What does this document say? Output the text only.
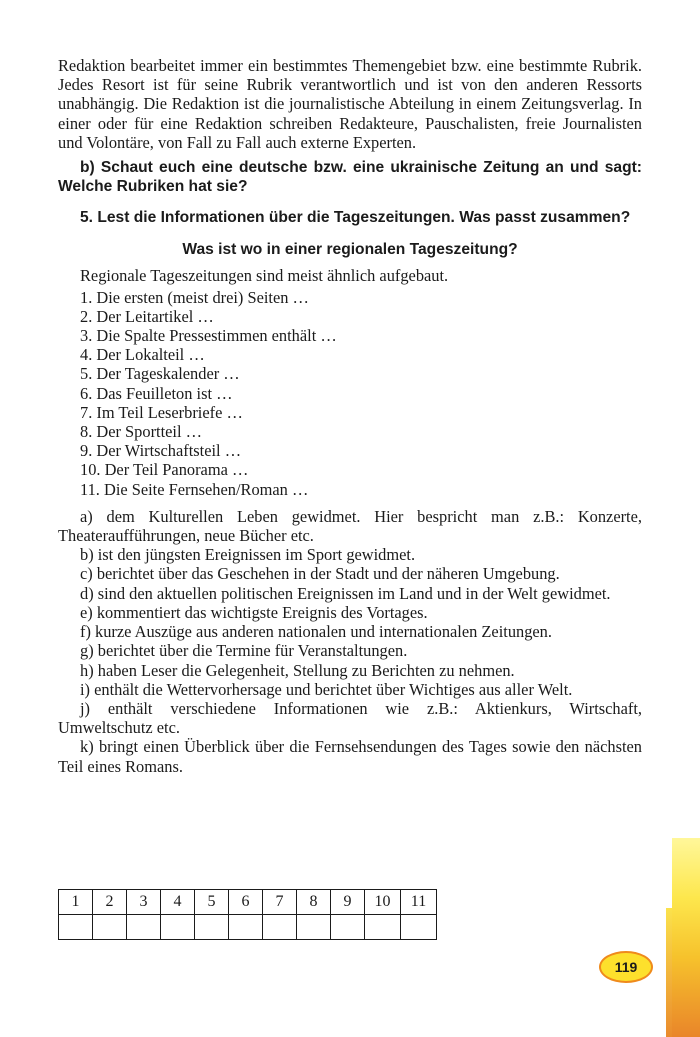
Redaktion bearbeitet immer ein bestimmtes Themengebiet bzw. eine bestimmte Rubrik. Jedes Resort ist für seine Rubrik verantwortlich und ist von den anderen Ressorts unabhängig. Die Redaktion ist die journalistische Abteilung in einem Zeitungsverlag. In einer oder für eine Redaktion schreiben Redakteure, Pauschalisten, freie Journalisten und Volontäre, von Fall zu Fall auch externe Experten.

b) Schaut euch eine deutsche bzw. eine ukrainische Zeitung an und sagt: Welche Rubriken hat sie?

5. Lest die Informationen über die Tageszeitungen. Was passt zusammen?

Was ist wo in einer regionalen Tageszeitung?

Regionale Tageszeitungen sind meist ähnlich aufgebaut.

1. Die ersten (meist drei) Seiten …
2. Der Leitartikel …
3. Die Spalte Pressestimmen enthält …
4. Der Lokalteil …
5. Der Tageskalender …
6. Das Feuilleton ist …
7. Im Teil Leserbriefe …
8. Der Sportteil …
9. Der Wirtschaftsteil …
10. Der Teil Panorama …
11. Die Seite Fernsehen/Roman …

a) dem Kulturellen Leben gewidmet. Hier bespricht man z.B.: Konzerte, Theateraufführungen, neue Bücher etc.

b) ist den jüngsten Ereignissen im Sport gewidmet.

c) berichtet über das Geschehen in der Stadt und der näheren Umgebung.

d) sind den aktuellen politischen Ereignissen im Land und in der Welt gewidmet.

e) kommentiert das wichtigste Ereignis des Vortages.

f) kurze Auszüge aus anderen nationalen und internationalen Zeitungen.

g) berichtet über die Termine für Veranstaltungen.

h) haben Leser die Gelegenheit, Stellung zu Berichten zu nehmen.

i) enthält die Wettervorhersage und berichtet über Wichtiges aus aller Welt.

j) enthält verschiedene Informationen wie z.B.: Aktienkurs, Wirtschaft, Umweltschutz etc.

k) bringt einen Überblick über die Fernsehsendungen des Tages sowie den nächsten Teil eines Romans.

1	2	3	4	5	6	7	8	9	10	11

119
